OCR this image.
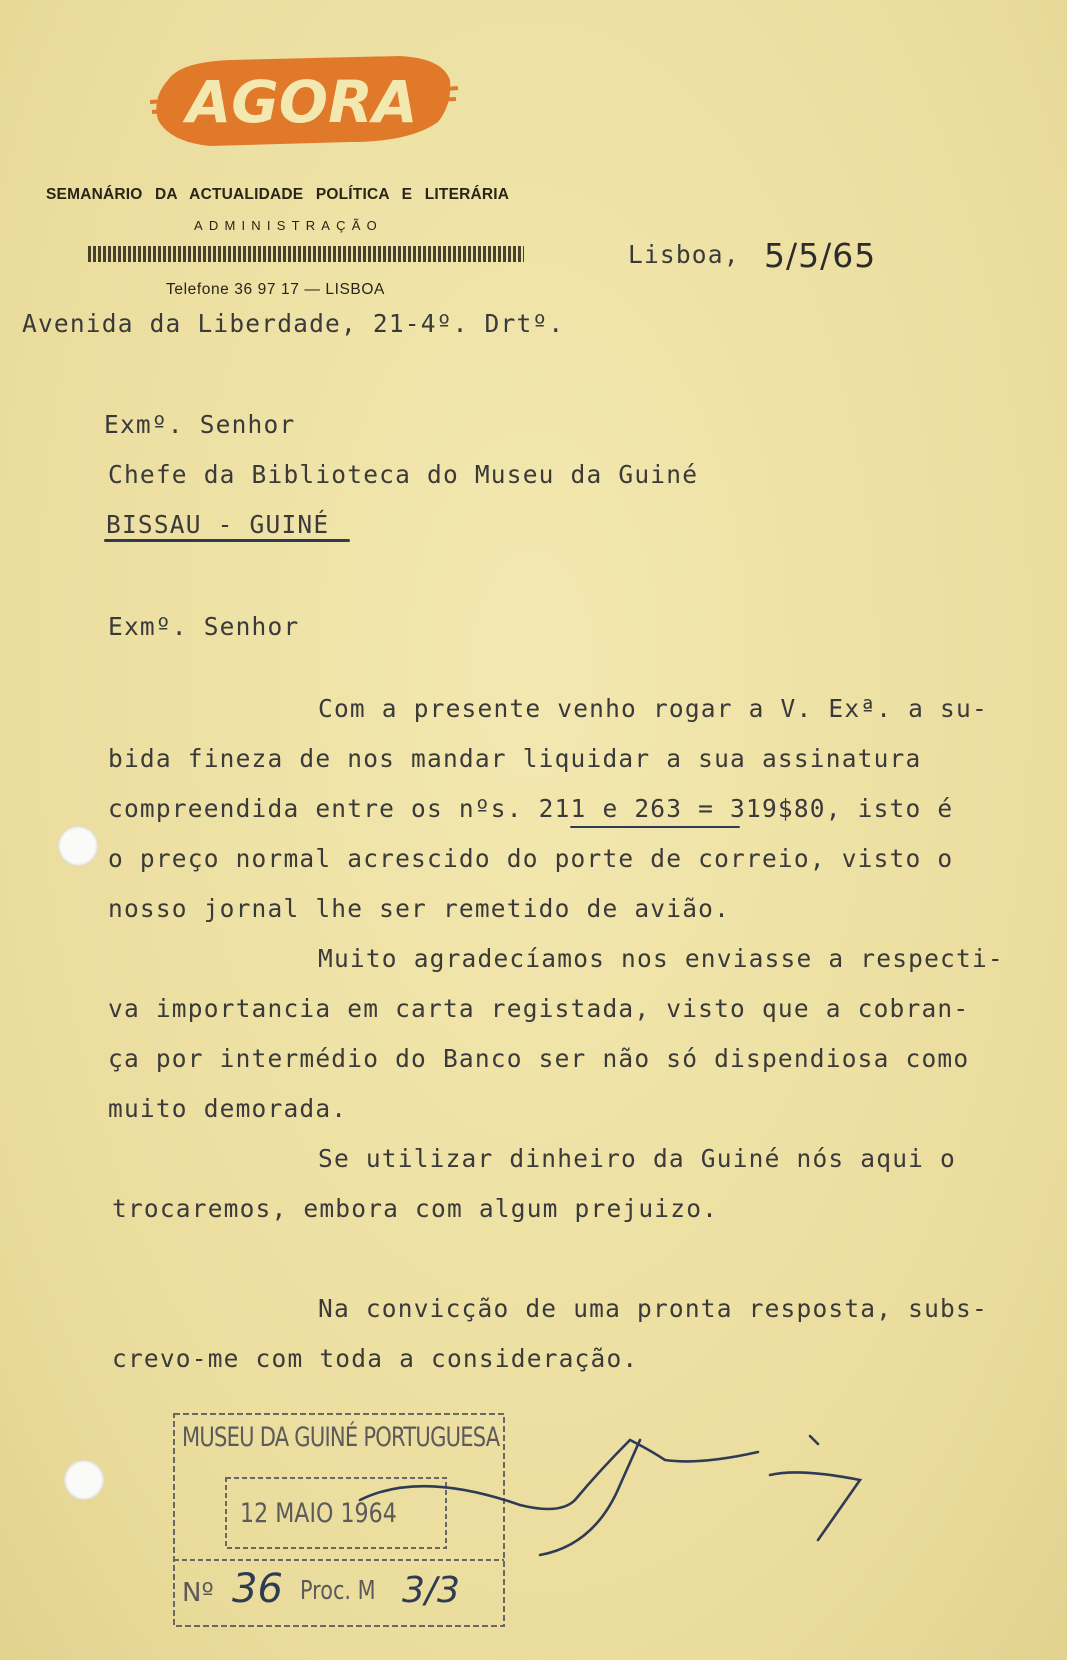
AGORA
SEMANÁRIO DA ACTUALIDADE POLÍTICA E LITERÁRIA
ADMINISTRAÇÃO
Telefone 36 97 17 — LISBOA
Avenida da Liberdade, 21-4º. Drtº.
Lisboa, 5/5/65
Exmº. Senhor
Chefe da Biblioteca do Museu da Guiné
BISSAU - GUINÉ
Exmº. Senhor
Com a presente venho rogar a V. Exª. a su-
bida fineza de nos mandar liquidar a sua assinatura
compreendida entre os nºs. 211 e 263 = 319$80, isto é
o preço normal acrescido do porte de correio, visto o
nosso jornal lhe ser remetido de avião.
Muito agradecíamos nos enviasse a respecti-
va importancia em carta registada, visto que a cobran-
ça por intermédio do Banco ser não só dispendiosa como
muito demorada.
Se utilizar dinheiro da Guiné nós aqui o
trocaremos, embora com algum prejuizo.
Na convicção de uma pronta resposta, subs-
crevo-me com toda a consideração.
MUSEU DA GUINÉ PORTUGUESA
12 MAIO 1964
Nº 36 Proc. M 3/3
